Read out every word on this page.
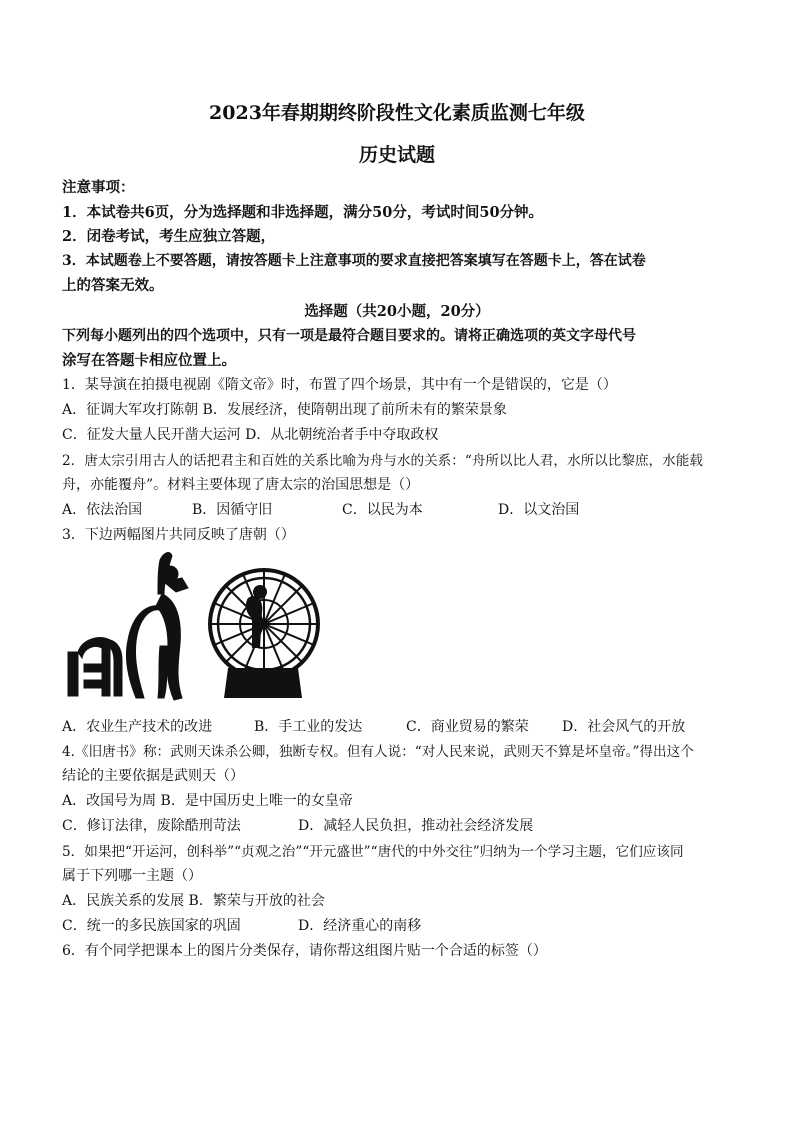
2023年春期期终阶段性文化素质监测七年级
历史试题
注意事项：
1．本试卷共6页，分为选择题和非选择题，满分50分，考试时间50分钟。
2．闭卷考试，考生应独立答题，
3．本试题卷上不要答题，请按答题卡上注意事项的要求直接把答案填写在答题卡上，答在试卷
上的答案无效。
选择题（共20小题，20分）
下列每小题列出的四个选项中，只有一项是最符合题目要求的。请将正确选项的英文字母代号
涂写在答题卡相应位置上。
1．某导演在拍摄电视剧《隋文帝》时，布置了四个场景，其中有一个是错误的，它是（）
A．征调大军攻打陈朝 B．发展经济，使隋朝出现了前所未有的繁荣景象
C．征发大量人民开凿大运河 D．从北朝统治者手中夺取政权
2．唐太宗引用古人的话把君主和百姓的关系比喻为舟与水的关系：“舟所以比人君，水所以比黎庶，水能载
舟，亦能覆舟”。材料主要体现了唐太宗的治国思想是（）
A．依法治国	B．因循守旧	C．以民为本	D．以文治国
3．下边两幅图片共同反映了唐朝（）
A．农业生产技术的改进	B．手工业的发达	C．商业贸易的繁荣 D．社会风气的开放
4.《旧唐书》称：武则天诛杀公卿，独断专权。但有人说：“对人民来说，武则天不算是坏皇帝。”得出这个
结论的主要依据是武则天（）
A．改国号为周 B．是中国历史上唯一的女皇帝
C．修订法律，废除酷刑苛法	D．减轻人民负担，推动社会经济发展
5．如果把“开运河，创科举”“贞观之治”“开元盛世”“唐代的中外交往”归纳为一个学习主题，它们应该同
属于下列哪一主题（）
A．民族关系的发展 B．繁荣与开放的社会
C．统一的多民族国家的巩固	D．经济重心的南移
6．有个同学把课本上的图片分类保存，请你帮这组图片贴一个合适的标签（）
